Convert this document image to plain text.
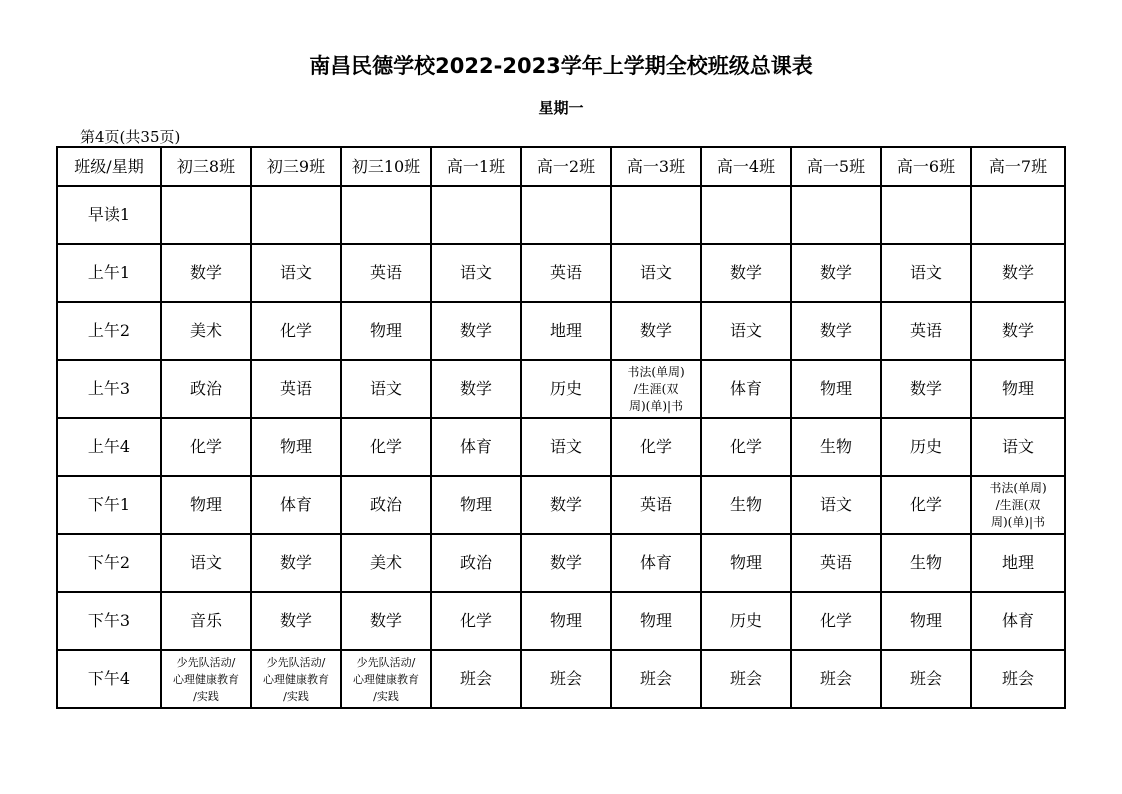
南昌民德学校2022-2023学年上学期全校班级总课表
星期一
第4页(共35页)
班级/星期	初三8班	初三9班	初三10班	高一1班	高一2班	高一3班	高一4班	高一5班	高一6班	高一7班
早读1										
上午1	数学	语文	英语	语文	英语	语文	数学	数学	语文	数学
上午2	美术	化学	物理	数学	地理	数学	语文	数学	英语	数学
上午3	政治	英语	语文	数学	历史	书法(单周)
/生涯(双
周)(单)|书	体育	物理	数学	物理
上午4	化学	物理	化学	体育	语文	化学	化学	生物	历史	语文
下午1	物理	体育	政治	物理	数学	英语	生物	语文	化学	书法(单周)
/生涯(双
周)(单)|书
下午2	语文	数学	美术	政治	数学	体育	物理	英语	生物	地理
下午3	音乐	数学	数学	化学	物理	物理	历史	化学	物理	体育
下午4	少先队活动/
心理健康教育
/实践	少先队活动/
心理健康教育
/实践	少先队活动/
心理健康教育
/实践	班会	班会	班会	班会	班会	班会	班会
